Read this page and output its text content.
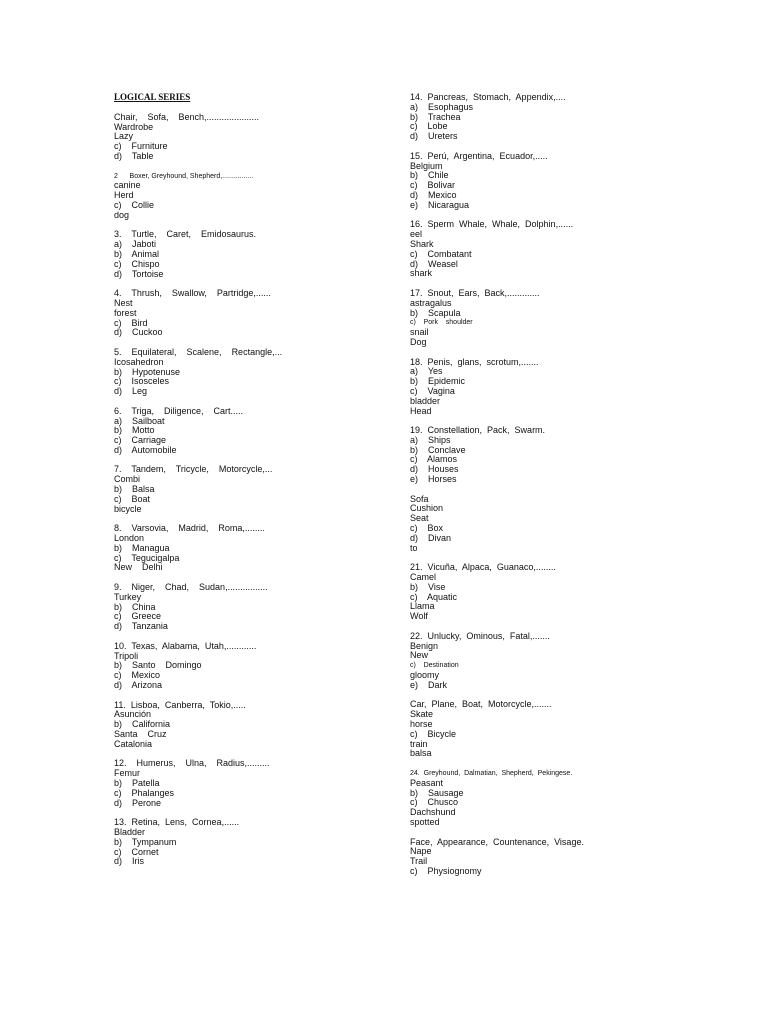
LOGICAL SERIES
Chair,    Sofa,    Bench,.....................
Wardrobe
Lazy
c)    Furniture
d)    Table
2      Boxer, Greyhound, Shepherd,................
canine
Herd
c)    Collie
dog
3.    Turtle,    Caret,    Emidosaurus.
a)    Jaboti
b)    Animal
c)    Chispo
d)    Tortoise
4.    Thrush,    Swallow,    Partridge,......
Nest
forest
c)    Bird
d)    Cuckoo
5.    Equilateral,    Scalene,    Rectangle,...
Icosahedron
b)    Hypotenuse
c)    Isosceles
d)    Leg
6.    Triga,    Diligence,    Cart.....
a)    Sailboat
b)    Motto
c)    Carriage
d)    Automobile
7.    Tandem,    Tricycle,    Motorcycle,...
Combi
b)    Balsa
c)    Boat
bicycle
8.    Varsovia,    Madrid,    Roma,........
London
b)    Managua
c)    Tegucigalpa
New    Delhi
9.    Niger,    Chad,    Sudan,................
Turkey
b)    China
c)    Greece
d)    Tanzania
10.  Texas,  Alabama,  Utah,............
Tripoli
b)    Santo    Domingo
c)    Mexico
d)    Arizona
11.  Lisboa,  Canberra,  Tokio,.....
Asunción
b)    California
Santa    Cruz
Catalonia
12.    Humerus,    Ulna,    Radius,.........
Femur
b)    Patella
c)    Phalanges
d)    Perone
13.  Retina,  Lens,  Cornea,......
Bladder
b)    Tympanum
c)    Cornet
d)    Iris
14.  Pancreas,  Stomach,  Appendix,....
a)    Esophagus
b)    Trachea
c)    Lobe
d)    Ureters
15.  Perú,  Argentina,  Ecuador,.....
Belgium
b)    Chile
c)    Bolivar
d)    Mexico
e)    Nicaragua
16.  Sperm  Whale,  Whale,  Dolphin,......
eel
Shark
c)    Combatant
d)    Weasel
shark
17.  Snout,  Ears,  Back,.............
astragalus
b)    Scapula
c)    Pork    shoulder
snail
Dog
18.  Penis,  glans,  scrotum,.......
a)    Yes
b)    Epidemic
c)    Vagina
bladder
Head
19.  Constellation,  Pack,  Swarm.
a)    Ships
b)    Conclave
c)    Alamos
d)    Houses
e)    Horses
Sofa
Cushion
Seat
c)    Box
d)    Divan
to
21.  Vicuña,  Alpaca,  Guanaco,........
Camel
b)    Vise
c)    Aquatic
Llama
Wolf
22.  Unlucky,  Ominous,  Fatal,.......
Benign
New
c)    Destination
gloomy
e)    Dark
Car,  Plane,  Boat,  Motorcycle,.......
Skate
horse
c)    Bicycle
train
balsa
24.  Greyhound,  Dalmatian,  Shepherd,  Pekingese.
Peasant
b)    Sausage
c)    Chusco
Dachshund
spotted
Face,  Appearance,  Countenance,  Visage.
Nape
Trail
c)    Physiognomy
